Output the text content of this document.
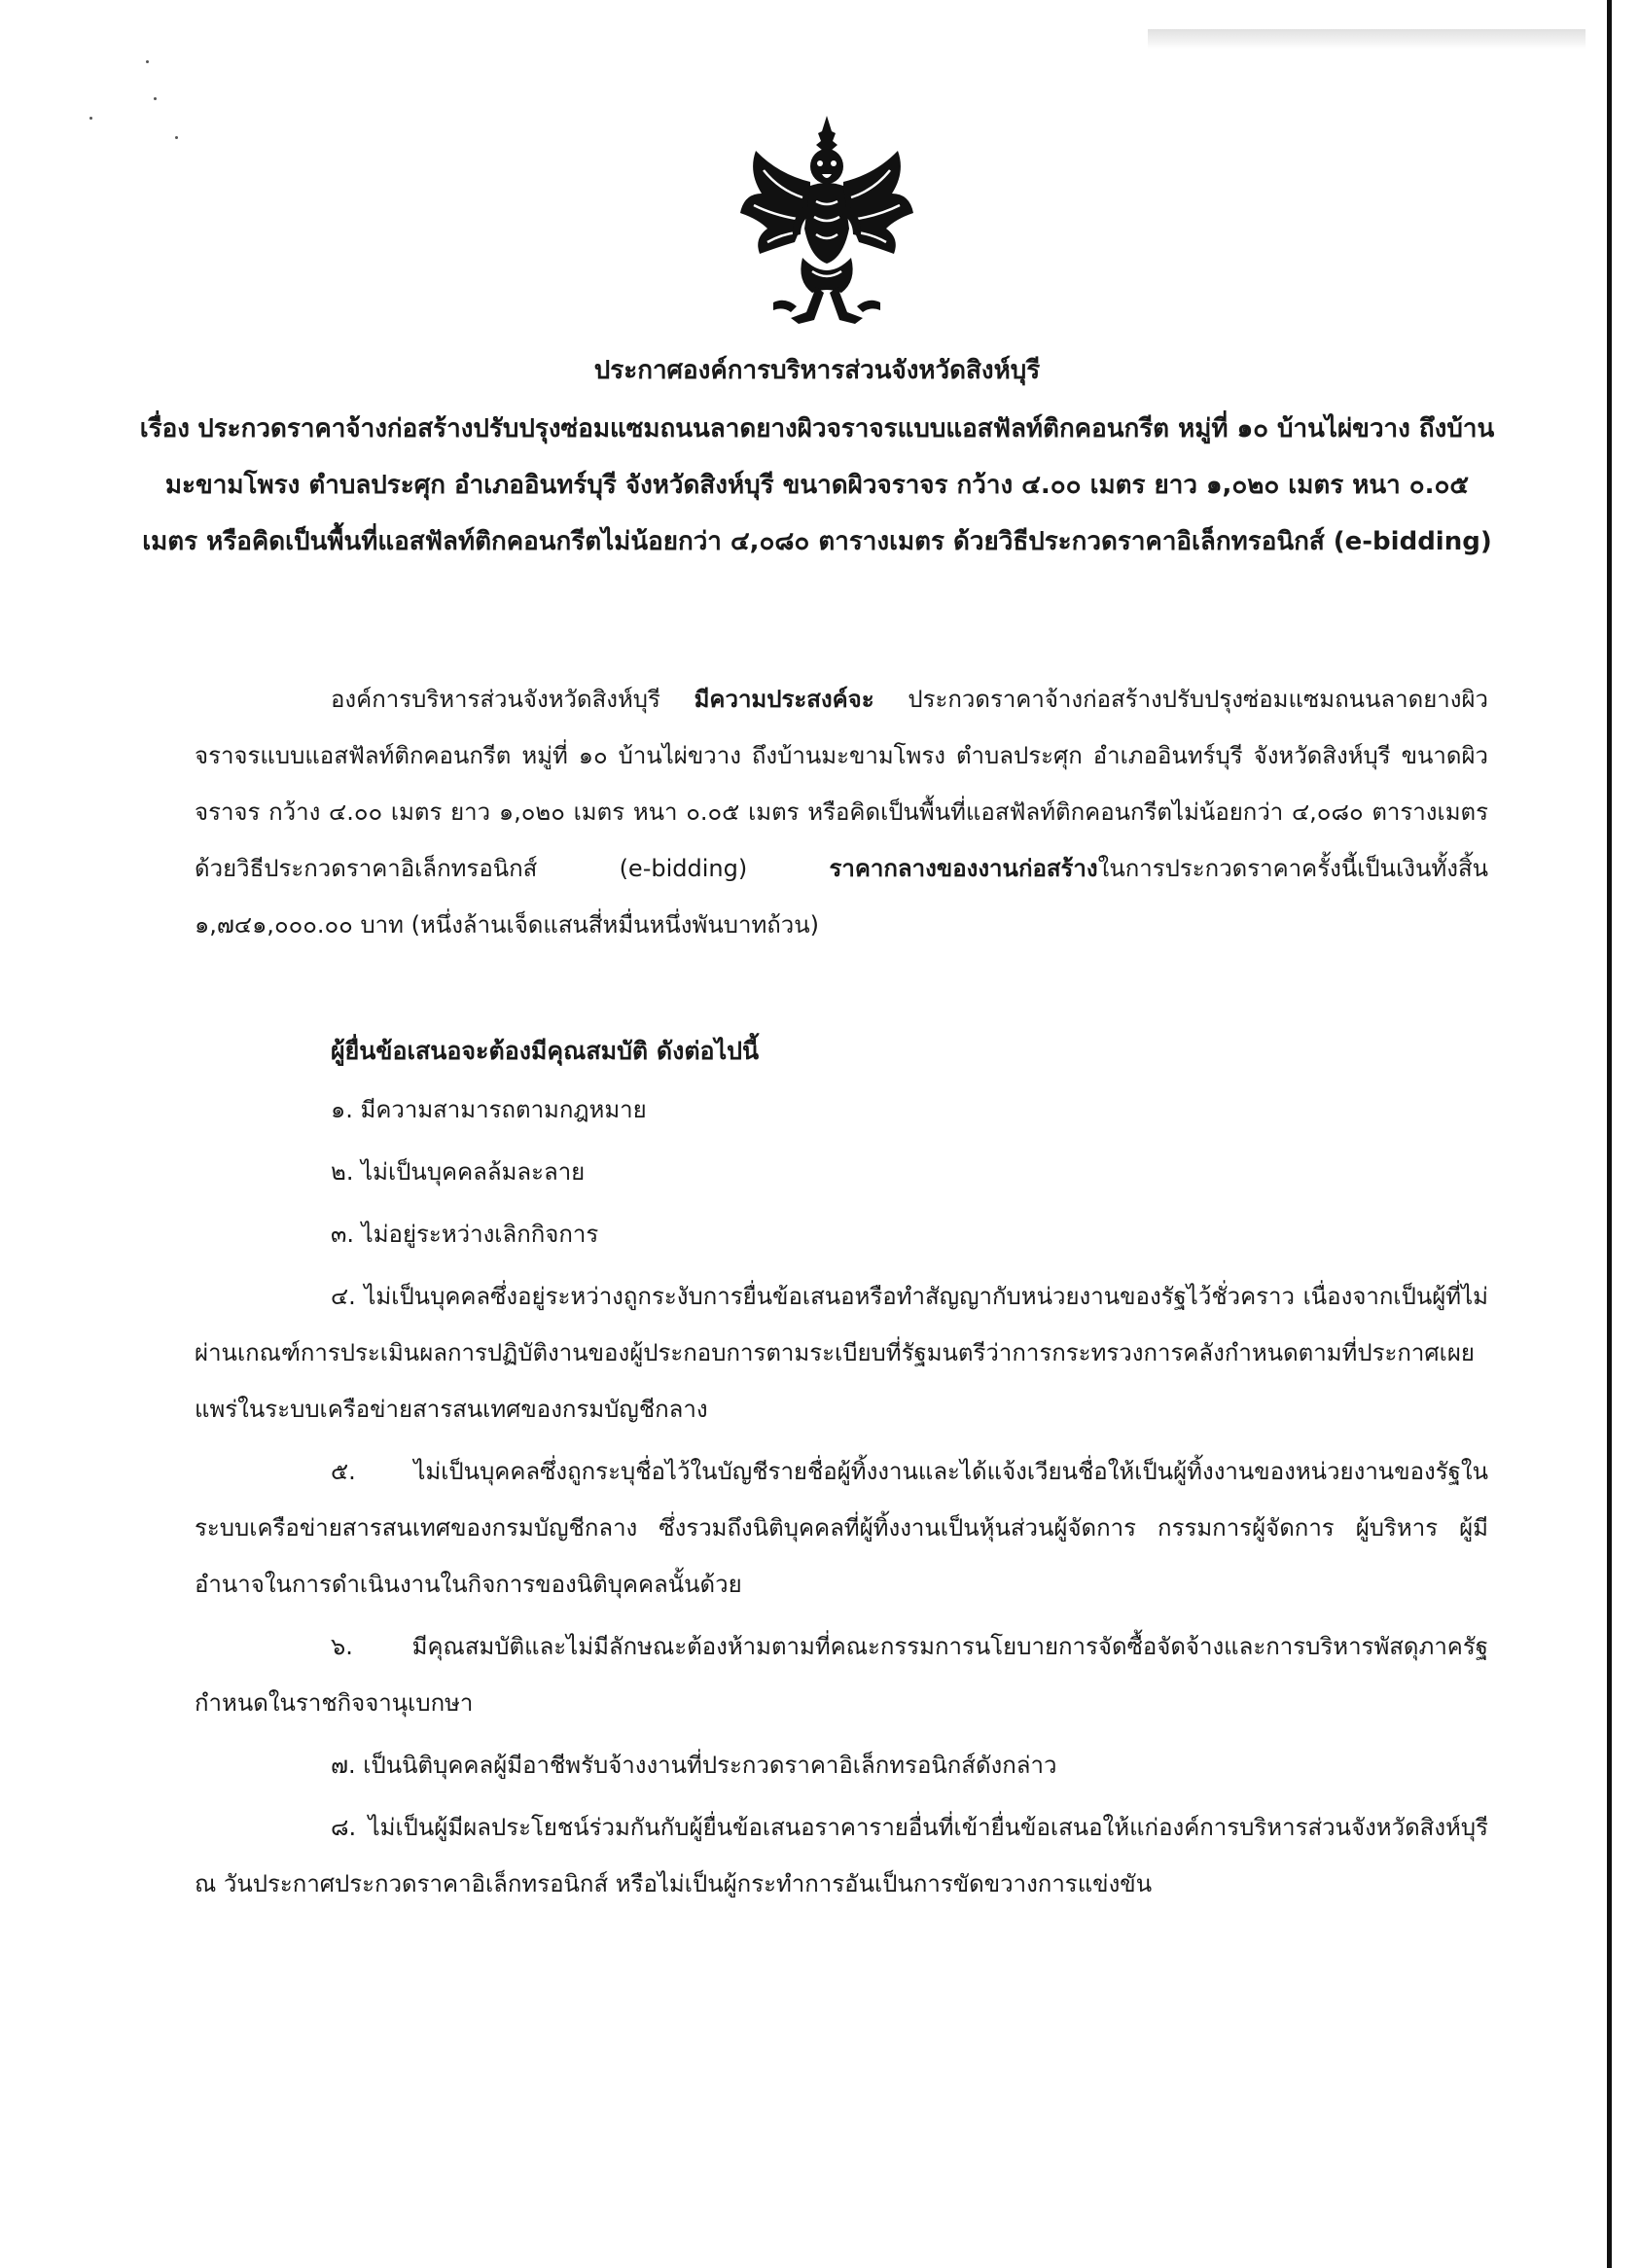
ประกาศองค์การบริหารส่วนจังหวัดสิงห์บุรี
เรื่อง ประกวดราคาจ้างก่อสร้างปรับปรุงซ่อมแซมถนนลาดยางผิวจราจรแบบแอสฟัลท์ติกคอนกรีต หมู่ที่ ๑๐ บ้านไผ่ขวาง ถึงบ้านมะขามโพรง ตำบลประศุก อำเภออินทร์บุรี จังหวัดสิงห์บุรี ขนาดผิวจราจร กว้าง ๔.๐๐ เมตร ยาว ๑,๐๒๐ เมตร หนา ๐.๐๕ เมตร หรือคิดเป็นพื้นที่แอสฟัลท์ติกคอนกรีตไม่น้อยกว่า ๔,๐๘๐ ตารางเมตร ด้วยวิธีประกวดราคาอิเล็กทรอนิกส์ (e-bidding)

องค์การบริหารส่วนจังหวัดสิงห์บุรี มีความประสงค์จะ ประกวดราคาจ้างก่อสร้างปรับปรุงซ่อมแซมถนนลาดยางผิวจราจรแบบแอสฟัลท์ติกคอนกรีต หมู่ที่ ๑๐ บ้านไผ่ขวาง ถึงบ้านมะขามโพรง ตำบลประศุก อำเภออินทร์บุรี จังหวัดสิงห์บุรี ขนาดผิวจราจร กว้าง ๔.๐๐ เมตร ยาว ๑,๐๒๐ เมตร หนา ๐.๐๕ เมตร หรือคิดเป็นพื้นที่แอสฟัลท์ติกคอนกรีตไม่น้อยกว่า ๔,๐๘๐ ตารางเมตร ด้วยวิธีประกวดราคาอิเล็กทรอนิกส์ (e-bidding)	ราคากลางของงานก่อสร้างในการประกวดราคาครั้งนี้เป็นเงินทั้งสิ้น ๑,๗๔๑,๐๐๐.๐๐ บาท (หนึ่งล้านเจ็ดแสนสี่หมื่นหนึ่งพันบาทถ้วน)

ผู้ยื่นข้อเสนอจะต้องมีคุณสมบัติ ดังต่อไปนี้
๑. มีความสามารถตามกฎหมาย
๒. ไม่เป็นบุคคลล้มละลาย
๓. ไม่อยู่ระหว่างเลิกกิจการ
๔. ไม่เป็นบุคคลซึ่งอยู่ระหว่างถูกระงับการยื่นข้อเสนอหรือทำสัญญากับหน่วยงานของรัฐไว้ชั่วคราว เนื่องจากเป็นผู้ที่ไม่ผ่านเกณฑ์การประเมินผลการปฏิบัติงานของผู้ประกอบการตามระเบียบที่รัฐมนตรีว่าการกระทรวงการคลังกำหนดตามที่ประกาศเผยแพร่ในระบบเครือข่ายสารสนเทศของกรมบัญชีกลาง
๕. ไม่เป็นบุคคลซึ่งถูกระบุชื่อไว้ในบัญชีรายชื่อผู้ทิ้งงานและได้แจ้งเวียนชื่อให้เป็นผู้ทิ้งงานของหน่วยงานของรัฐในระบบเครือข่ายสารสนเทศของกรมบัญชีกลาง ซึ่งรวมถึงนิติบุคคลที่ผู้ทิ้งงานเป็นหุ้นส่วนผู้จัดการ กรรมการผู้จัดการ ผู้บริหาร ผู้มีอำนาจในการดำเนินงานในกิจการของนิติบุคคลนั้นด้วย
๖. มีคุณสมบัติและไม่มีลักษณะต้องห้ามตามที่คณะกรรมการนโยบายการจัดซื้อจัดจ้างและการบริหารพัสดุภาครัฐกำหนดในราชกิจจานุเบกษา
๗. เป็นนิติบุคคลผู้มีอาชีพรับจ้างงานที่ประกวดราคาอิเล็กทรอนิกส์ดังกล่าว
๘. ไม่เป็นผู้มีผลประโยชน์ร่วมกันกับผู้ยื่นข้อเสนอราคารายอื่นที่เข้ายื่นข้อเสนอให้แก่องค์การบริหารส่วนจังหวัดสิงห์บุรี ณ วันประกาศประกวดราคาอิเล็กทรอนิกส์ หรือไม่เป็นผู้กระทำการอันเป็นการขัดขวางการแข่งขัน
